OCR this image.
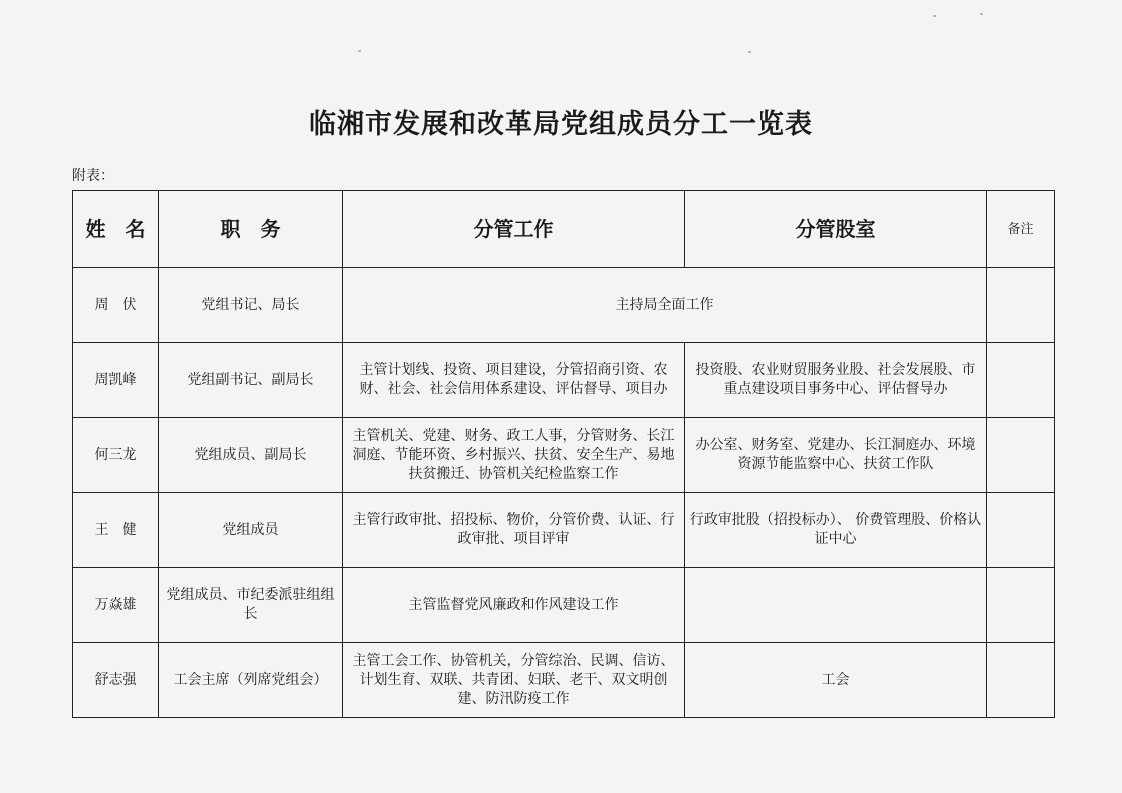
临湘市发展和改革局党组成员分工一览表
附表：
姓　名	职　务	分管工作	分管股室	备注
周　伏	党组书记、局长	主持局全面工作		
周凯峰	党组副书记、副局长	主管计划线、投资、项目建设，分管招商引资、农财、社会、社会信用体系建设、评估督导、项目办	投资股、农业财贸服务业股、社会发展股、市重点建设项目事务中心、评估督导办	
何三龙	党组成员、副局长	主管机关、党建、财务、政工人事，分管财务、长江洞庭、节能环资、乡村振兴、扶贫、安全生产、易地扶贫搬迁、协管机关纪检监察工作	办公室、财务室、党建办、长江洞庭办、环境资源节能监察中心、扶贫工作队	
王　健	党组成员	主管行政审批、招投标、物价，分管价费、认证、行政审批、项目评审	行政审批股（招投标办）、 价费管理股、价格认证中心	
万焱雄	党组成员、市纪委派驻组组长	主管监督党风廉政和作风建设工作		
舒志强	工会主席（列席党组会）	主管工会工作、协管机关，分管综治、民调、信访、计划生育、双联、共青团、妇联、老干、双文明创建、防汛防疫工作	工会	
